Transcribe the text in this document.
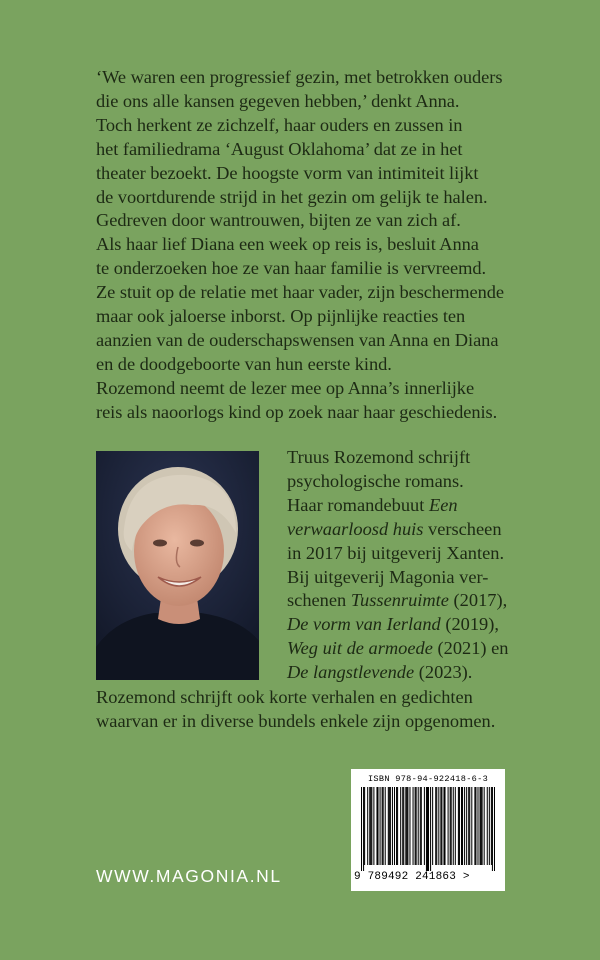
‘We waren een progressief gezin, met betrokken ouders

die ons alle kansen gegeven hebben,’ denkt Anna.

Toch herkent ze zichzelf, haar ouders en zussen in

het familiedrama ‘August Oklahoma’ dat ze in het

theater bezoekt. De hoogste vorm van intimiteit lijkt

de voortdurende strijd in het gezin om gelijk te halen.

Gedreven door wantrouwen, bijten ze van zich af.

Als haar lief Diana een week op reis is, besluit Anna

te onderzoeken hoe ze van haar familie is vervreemd.

Ze stuit op de relatie met haar vader, zijn beschermende

maar ook jaloerse inborst. Op pijnlijke reacties ten

aanzien van de ouderschapswensen van Anna en Diana

en de doodgeboorte van hun eerste kind.

Rozemond neemt de lezer mee op Anna’s innerlijke

reis als naoorlogs kind op zoek naar haar geschiedenis.

Truus Rozemond schrijft

psychologische romans.

Haar romandebuut Een

verwaarloosd huis verscheen

in 2017 bij uitgeverij Xanten.

Bij uitgeverij Magonia ver-

schenen Tussenruimte (2017),

De vorm van Ierland (2019),

Weg uit de armoede (2021) en

De langstlevende (2023).

Rozemond schrijft ook korte verhalen en gedichten

waarvan er in diverse bundels enkele zijn opgenomen.

ISBN 978-94-922418-6-3
9 789492 241863 >
WWW.MAGONIA.NL
